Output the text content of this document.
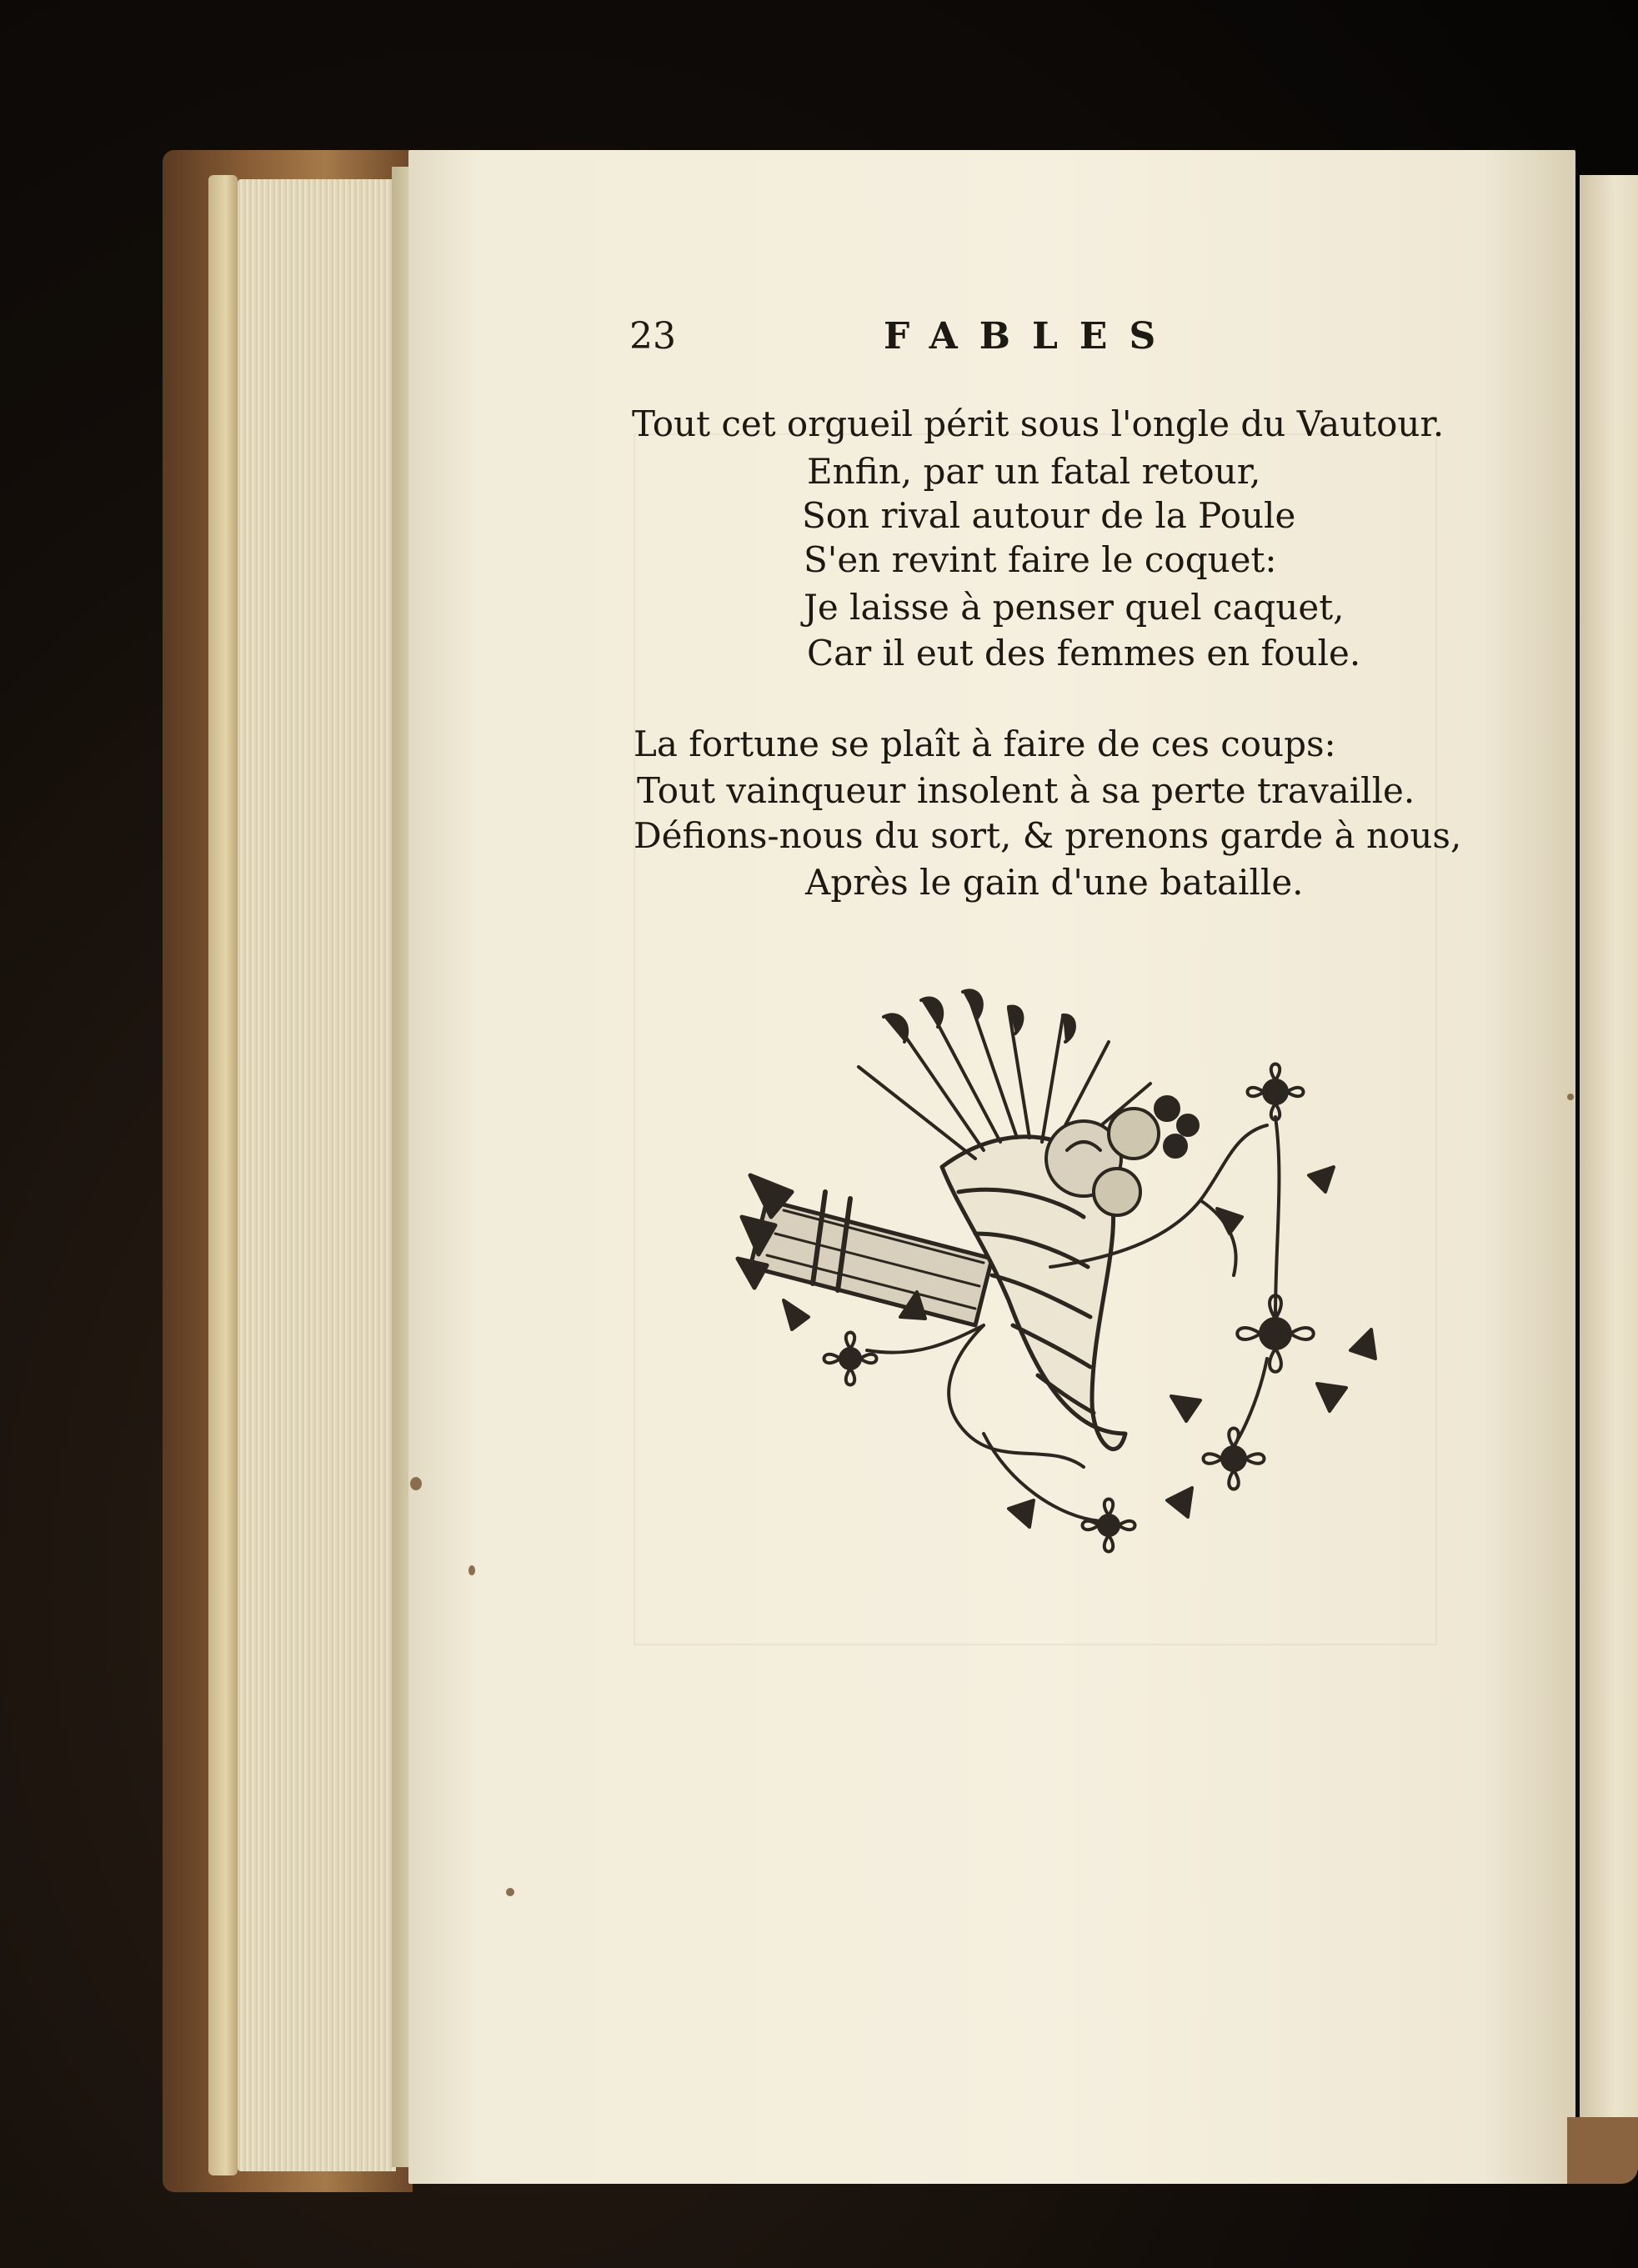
23	FABLES
Tout cet orgueil périt sous l'ongle du Vautour.
Enfin, par un fatal retour,
Son rival autour de la Poule
S'en revint faire le coquet:
Je laisse à penser quel caquet,
Car il eut des femmes en foule.
La fortune se plaît à faire de ces coups:
Tout vainqueur insolent à sa perte travaille.
Défions-nous du sort, & prenons garde à nous,
Après le gain d'une bataille.
